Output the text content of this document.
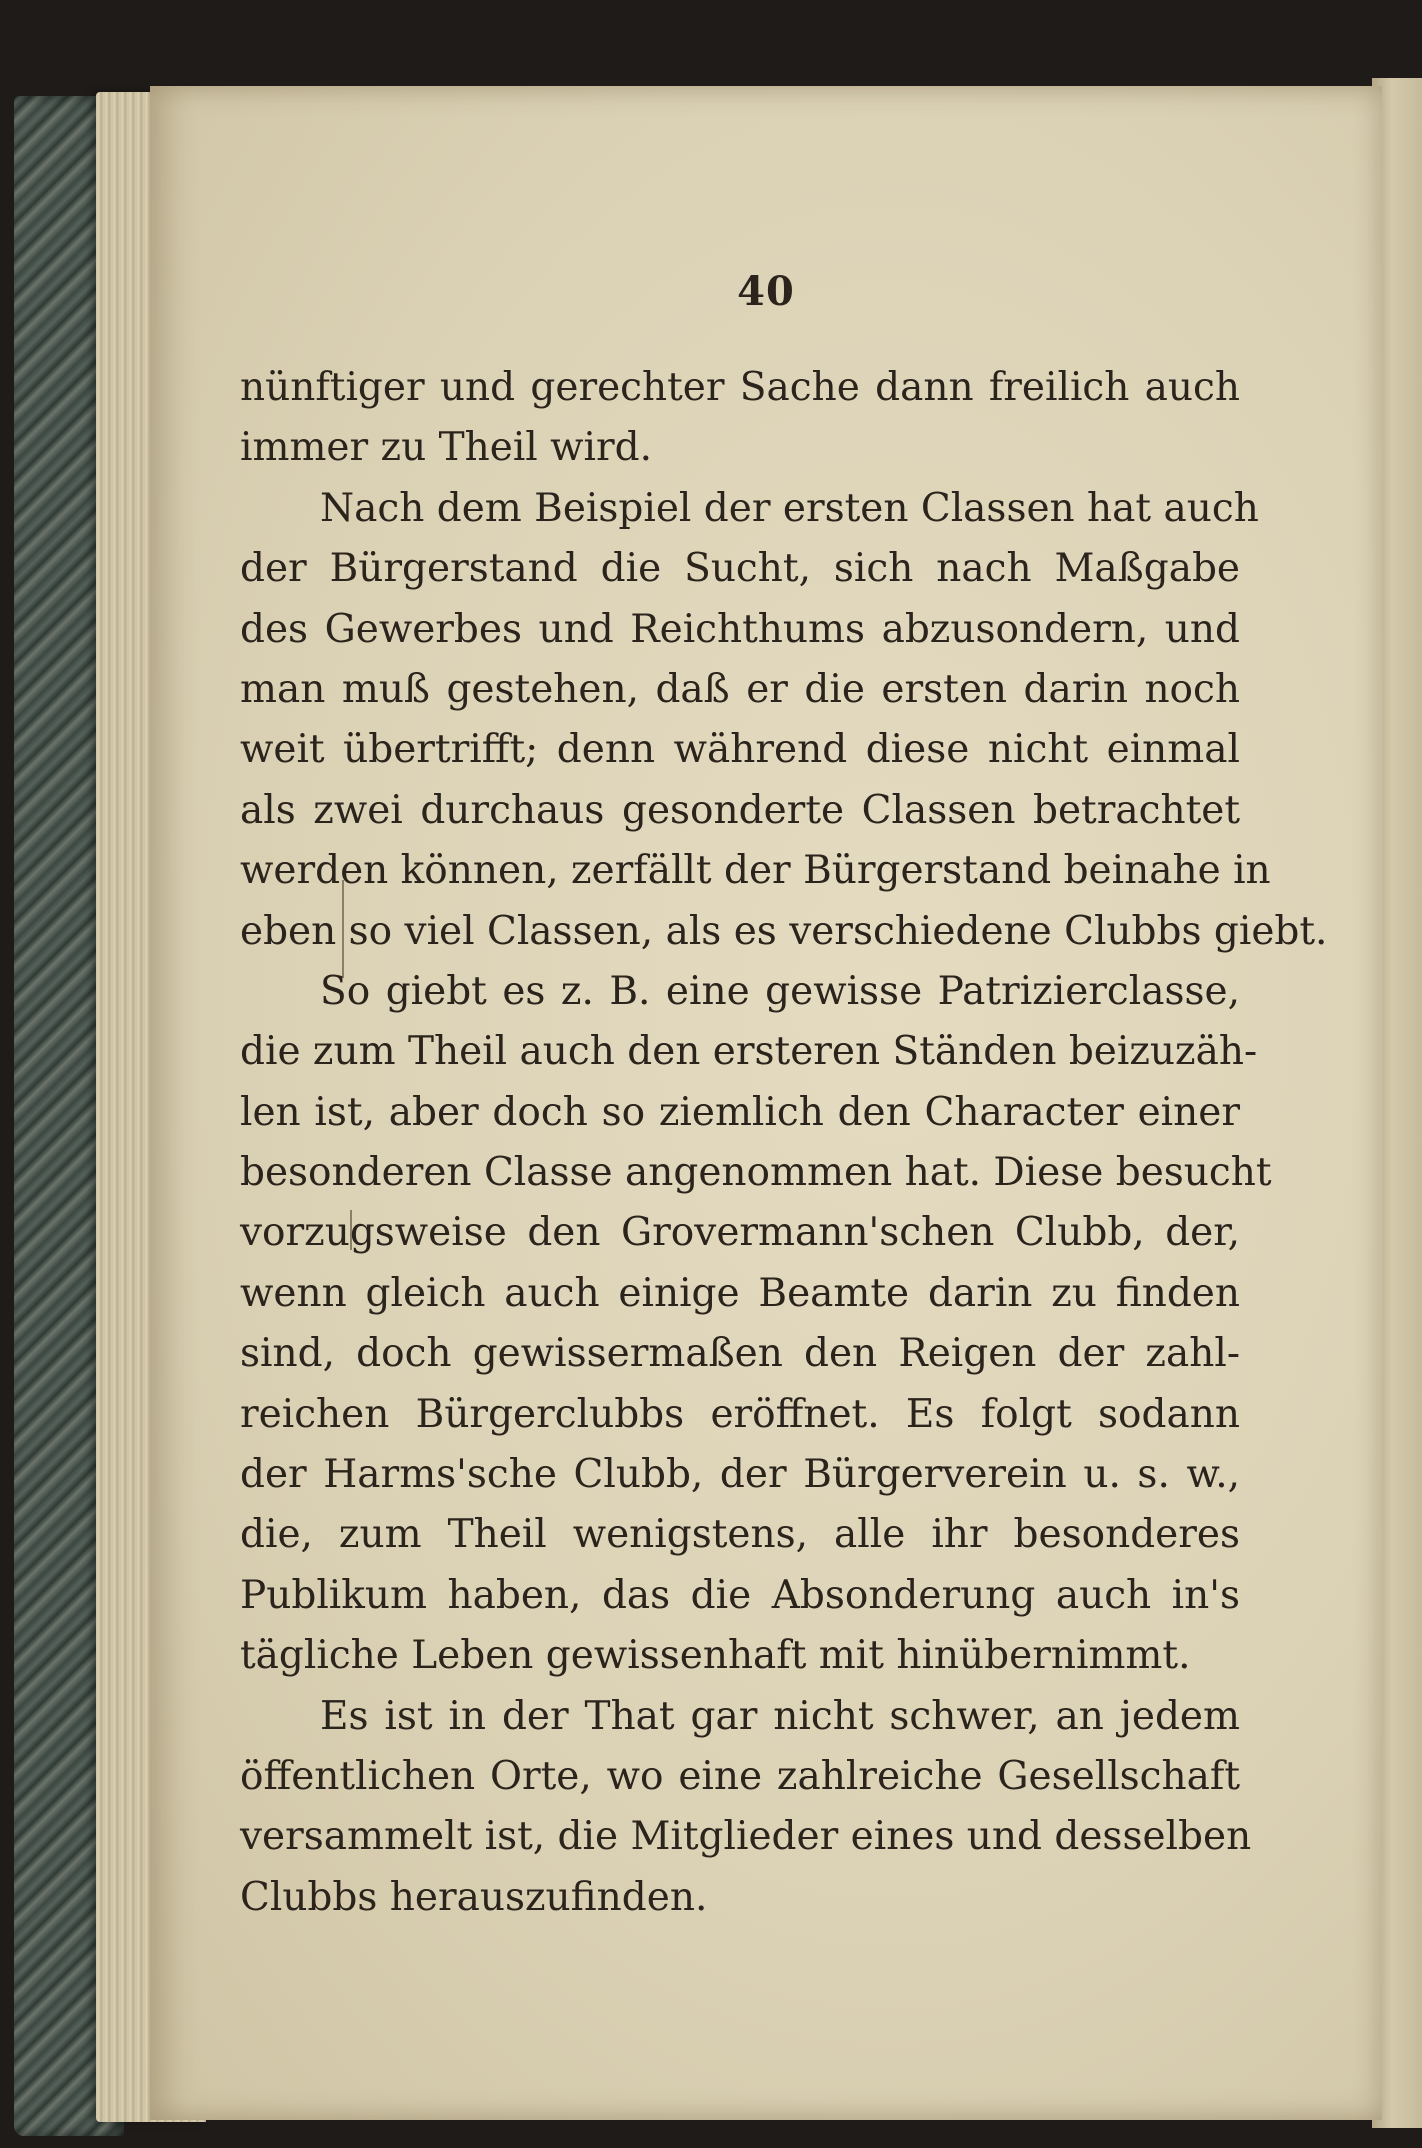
40
nünftiger und gerechter Sache dann freilich auch
immer zu Theil wird.
Nach dem Beispiel der ersten Classen hat auch
der Bürgerstand die Sucht, sich nach Maßgabe
des Gewerbes und Reichthums abzusondern, und
man muß gestehen, daß er die ersten darin noch
weit übertrifft; denn während diese nicht einmal
als zwei durchaus gesonderte Classen betrachtet
werden können, zerfällt der Bürgerstand beinahe in
eben so viel Classen, als es verschiedene Clubbs giebt.
So giebt es z. B. eine gewisse Patrizierclasse,
die zum Theil auch den ersteren Ständen beizuzäh-
len ist, aber doch so ziemlich den Character einer
besonderen Classe angenommen hat. Diese besucht
vorzugsweise den Grovermann'schen Clubb, der,
wenn gleich auch einige Beamte darin zu finden
sind, doch gewissermaßen den Reigen der zahl-
reichen Bürgerclubbs eröffnet. Es folgt sodann
der Harms'sche Clubb, der Bürgerverein u. s. w.,
die, zum Theil wenigstens, alle ihr besonderes
Publikum haben, das die Absonderung auch in's
tägliche Leben gewissenhaft mit hinübernimmt.
Es ist in der That gar nicht schwer, an jedem
öffentlichen Orte, wo eine zahlreiche Gesellschaft
versammelt ist, die Mitglieder eines und desselben
Clubbs herauszufinden.
